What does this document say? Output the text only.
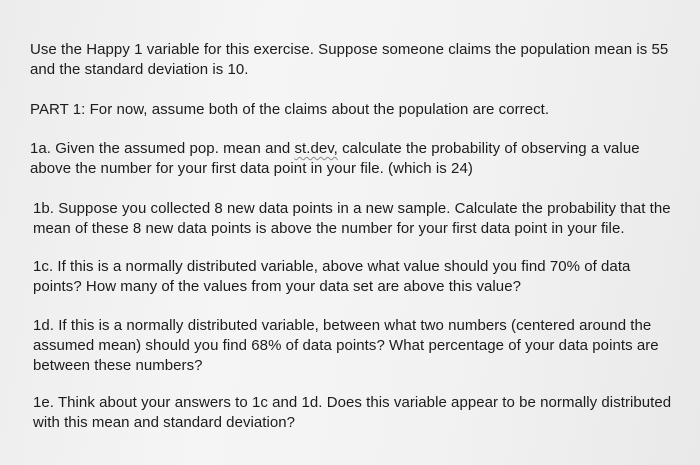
Use the Happy 1 variable for this exercise. Suppose someone claims the population mean is 55
and the standard deviation is 10.

PART 1: For now, assume both of the claims about the population are correct.

1a. Given the assumed pop. mean and st.dev, calculate the probability of observing a value
above the number for your first data point in your file. (which is 24)

1b. Suppose you collected 8 new data points in a new sample. Calculate the probability that the
mean of these 8 new data points is above the number for your first data point in your file.

1c. If this is a normally distributed variable, above what value should you find 70% of data
points? How many of the values from your data set are above this value?

1d. If this is a normally distributed variable, between what two numbers (centered around the
assumed mean) should you find 68% of data points? What percentage of your data points are
between these numbers?

1e. Think about your answers to 1c and 1d. Does this variable appear to be normally distributed
with this mean and standard deviation?
